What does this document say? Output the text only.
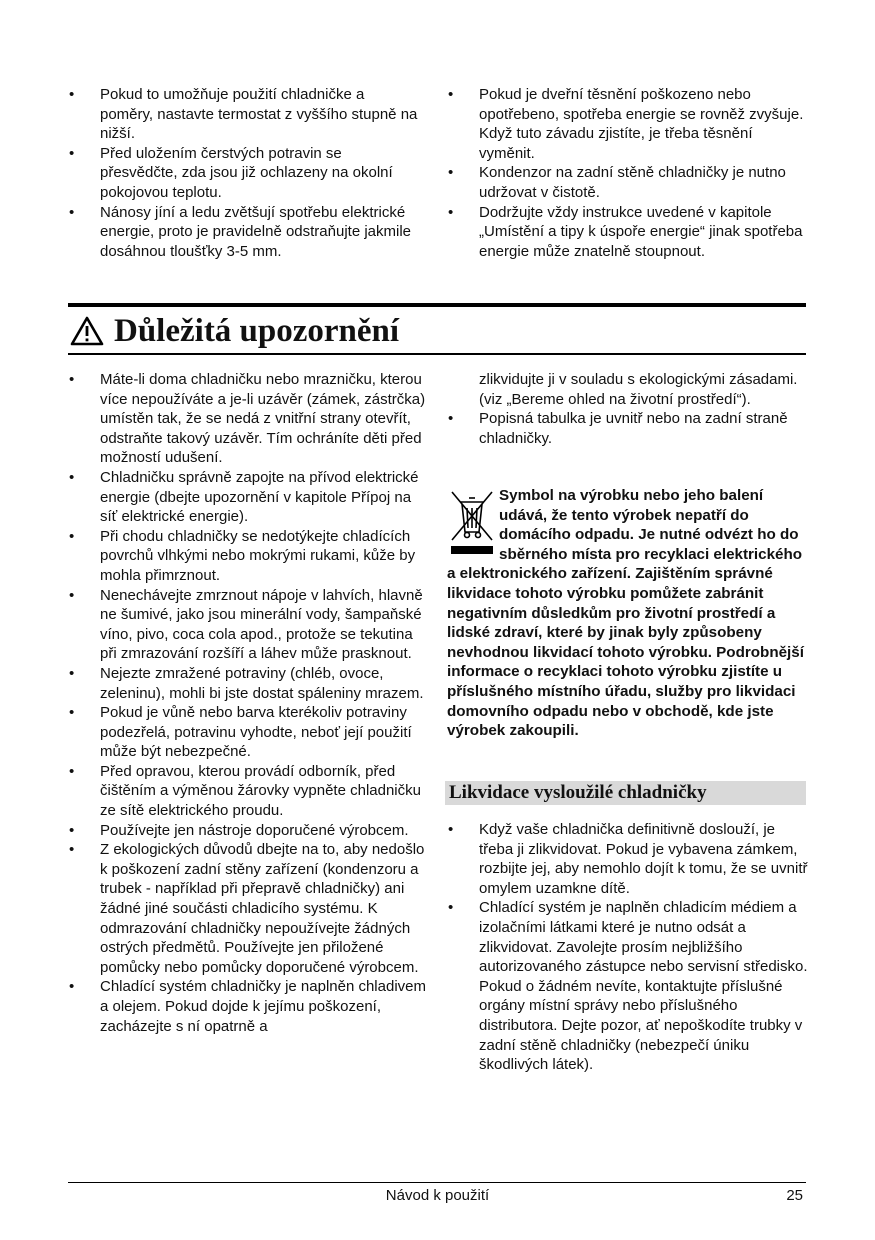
• Pokud to umožňuje použití chladničke a poměry, nastavte termostat z vyššího stupně na nižší.
• Před uložením čerstvých potravin se přesvědčte, zda jsou již ochlazeny na okolní pokojovou teplotu.
• Nánosy jíní a ledu zvětšují spotřebu elektrické energie, proto je pravidelně odstraňujte jakmile dosáhnou tloušťky 3-5 mm.
• Pokud je dveřní těsnění poškozeno nebo opotřebeno, spotřeba energie se rovněž zvyšuje. Když tuto závadu zjistíte, je třeba těsnění vyměnit.
• Kondenzor na zadní stěně chladničky je nutno udržovat v čistotě.
• Dodržujte vždy instrukce uvedené v kapitole „Umístění a tipy k úspoře energie“ jinak spotřeba energie může znatelně stoupnout.
Důležitá upozornění
• Máte-li doma chladničku nebo mrazničku, kterou více nepoužíváte a je-li uzávěr (zámek, zástrčka) umístěn tak, že se nedá z vnitřní strany otevřít, odstraňte takový uzávěr. Tím ochráníte děti před možností udušení.
• Chladničku správně zapojte na přívod elektrické energie (dbejte upozornění v kapitole Přípoj na síť elektrické energie).
• Při chodu chladničky se nedotýkejte chladících povrchů vlhkými nebo mokrými rukami, kůže by mohla přimrznout.
• Nenechávejte zmrznout nápoje v lahvích, hlavně ne šumivé, jako jsou minerální vody, šampaňské víno, pivo, coca cola apod., protože se tekutina při zmrazování rozšíří a láhev může prasknout.
• Nejezte zmražené potraviny (chléb, ovoce, zeleninu), mohli bi jste dostat spáleniny mrazem.
• Pokud je vůně nebo barva kterékoliv potraviny podezřelá, potravinu vyhodte, neboť její použití může být nebezpečné.
• Před opravou, kterou provádí odborník, před čištěním a výměnou žárovky vypněte chladničku ze sítě elektrického proudu.
• Používejte jen nástroje doporučené výrobcem.
• Z ekologických důvodů dbejte na to, aby nedošlo k poškození zadní stěny zařízení (kondenzoru a trubek - například při přepravě chladničky) ani žádné jiné součásti chladicího systému. K odmrazování chladničky nepoužívejte žádných ostrých předmětů. Používejte jen přiložené pomůcky nebo pomůcky doporučené výrobcem.
• Chladící systém chladničky je naplněn chladivem a olejem. Pokud dojde k jejímu poškození, zacházejte s ní opatrně a
zlikvidujte ji v souladu s ekologickými zásadami. (viz „Bereme ohled na životní prostředí“).
• Popisná tabulka je uvnitř nebo na zadní straně chladničky.
Symbol na výrobku nebo jeho balení udává, že tento výrobek nepatří do domácího odpadu. Je nutné odvézt ho do sběrného místa pro recyklaci elektrického a elektronického zařízení. Zajištěním správné likvidace tohoto výrobku pomůžete zabránit negativním důsledkům pro životní prostředí a lidské zdraví, které by jinak byly způsobeny nevhodnou likvidací tohoto výrobku. Podrobnější informace o recyklaci tohoto výrobku zjistíte u příslušného místního úřadu, služby pro likvidaci domovního odpadu nebo v obchodě, kde jste výrobek zakoupili.
Likvidace vysloužilé chladničky
• Když vaše chladnička definitivně doslouží, je třeba ji zlikvidovat. Pokud je vybavena zámkem, rozbijte jej, aby nemohlo dojít k tomu, že se uvnitř omylem uzamkne dítě.
• Chladící systém je naplněn chladicím médiem a izolačními látkami které je nutno odsát a zlikvidovat. Zavolejte prosím nejbližšího autorizovaného zástupce nebo servisní středisko. Pokud o žádném nevíte, kontaktujte příslušné orgány místní správy nebo příslušného distributora. Dejte pozor, ať nepoškodíte trubky v zadní stěně chladničky (nebezpečí úniku škodlivých látek).
Návod k použití	25
